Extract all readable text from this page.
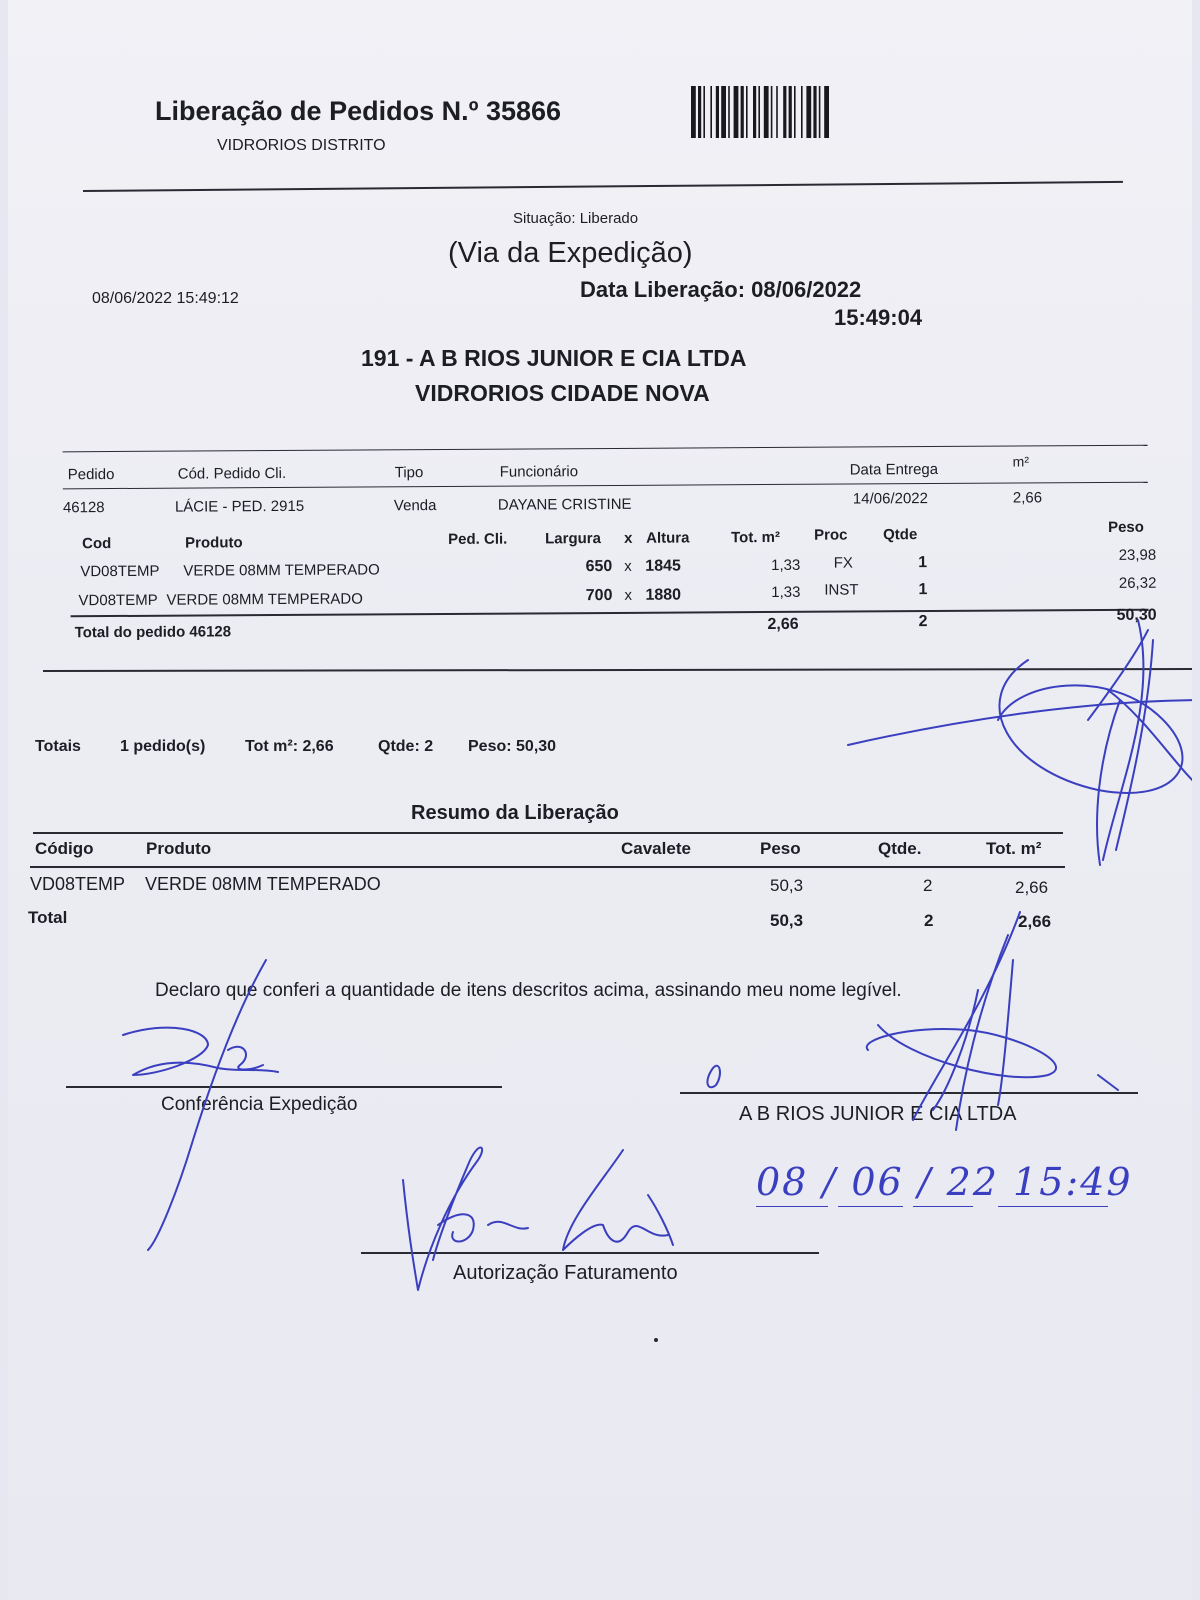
Liberação de Pedidos N.º 35866
VIDRORIOS DISTRITO
Situação: Liberado
(Via da Expedição)
08/06/2022 15:49:12	Data Liberação: 08/06/2022
15:49:04
191 - A B RIOS JUNIOR E CIA LTDA
VIDRORIOS CIDADE NOVA
Pedido	Cód. Pedido Cli.	Tipo	Funcionário	Data Entrega	m²
46128	LÁCIE - PED. 2915	Venda	DAYANE CRISTINE	14/06/2022	2,66
Cod	Produto	Ped. Cli.	Largura x Altura	Tot. m² Proc Qtde	Peso
VD08TEMP VERDE 08MM TEMPERADO	650 x 1845	1,33	FX	1	23,98
VD08TEMP VERDE 08MM TEMPERADO	700 x 1880	1,33	INST	1	26,32
Total do pedido 46128	2,66	2	50,30
Totais 1 pedido(s) Tot m²: 2,66	Qtde: 2 Peso: 50,30
Resumo da Liberação
Código	Produto	Cavalete	Peso	Qtde.	Tot. m²
VD08TEMP VERDE 08MM TEMPERADO	50,3	2	2,66
Total	50,3	2	2,66
Declaro que conferi a quantidade de itens descritos acima, assinando meu nome legível.
Conferência Expedição	A B RIOS JUNIOR E CIA LTDA
Autorização Faturamento
08 / 06 / 22 15:49
